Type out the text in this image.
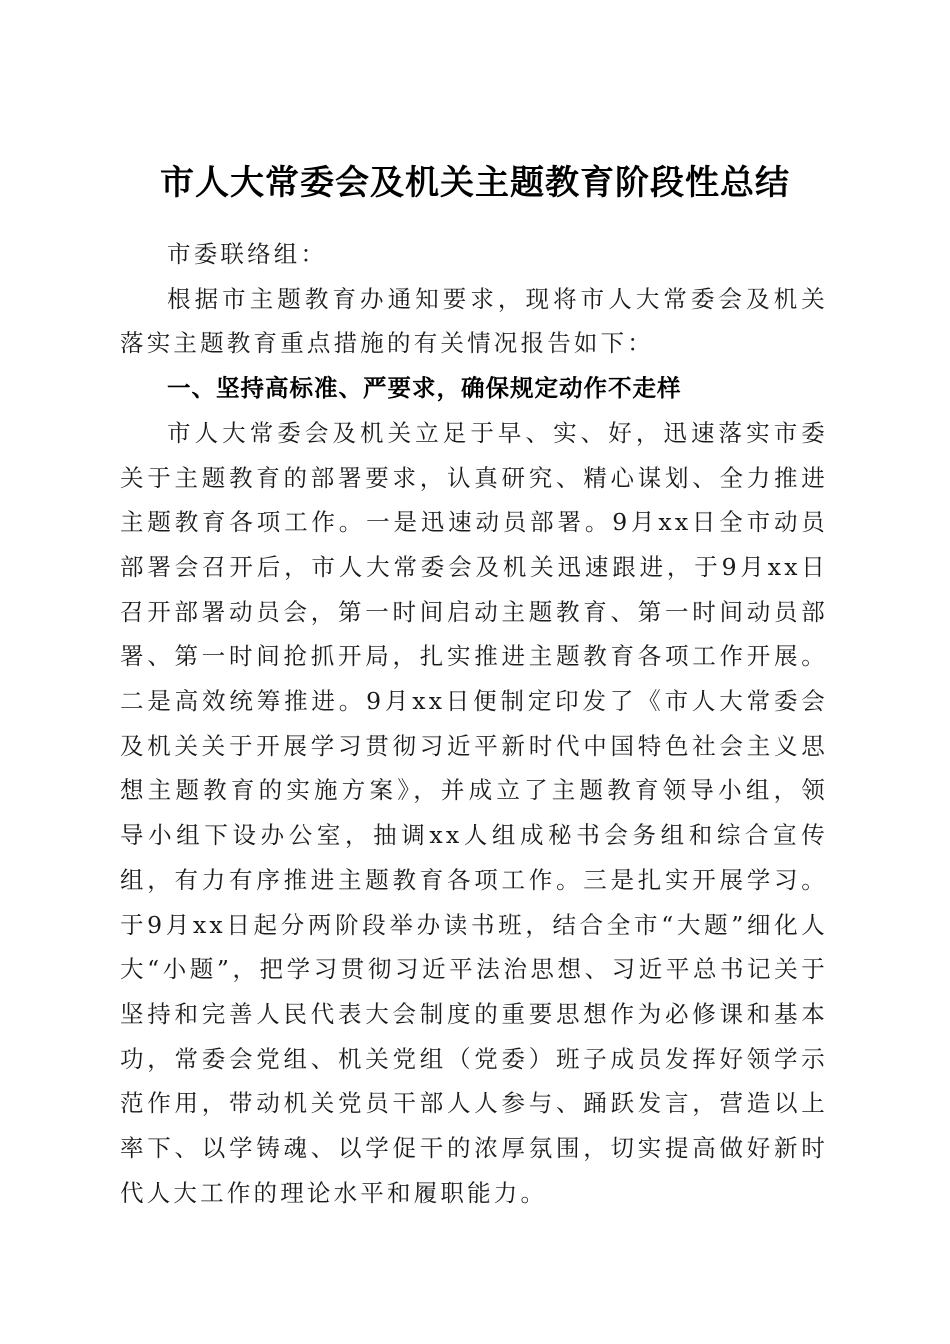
市人大常委会及机关主题教育阶段性总结

市委联络组：

根据市主题教育办通知要求，现将市人大常委会及机关落实主题教育重点措施的有关情况报告如下：

一、坚持高标准、严要求，确保规定动作不走样

市人大常委会及机关立足于早、实、好，迅速落实市委关于主题教育的部署要求，认真研究、精心谋划、全力推进主题教育各项工作。一是迅速动员部署。9月xx日全市动员部署会召开后，市人大常委会及机关迅速跟进，于9月xx日召开部署动员会，第一时间启动主题教育、第一时间动员部署、第一时间抢抓开局，扎实推进主题教育各项工作开展。二是高效统筹推进。9月xx日便制定印发了《市人大常委会及机关关于开展学习贯彻习近平新时代中国特色社会主义思想主题教育的实施方案》，并成立了主题教育领导小组，领导小组下设办公室，抽调xx人组成秘书会务组和综合宣传组，有力有序推进主题教育各项工作。三是扎实开展学习。于9月xx日起分两阶段举办读书班，结合全市“大题”细化人大“小题”，把学习贯彻习近平法治思想、习近平总书记关于坚持和完善人民代表大会制度的重要思想作为必修课和基本功，常委会党组、机关党组（党委）班子成员发挥好领学示范作用，带动机关党员干部人人参与、踊跃发言，营造以上率下、以学铸魂、以学促干的浓厚氛围，切实提高做好新时代人大工作的理论水平和履职能力。
